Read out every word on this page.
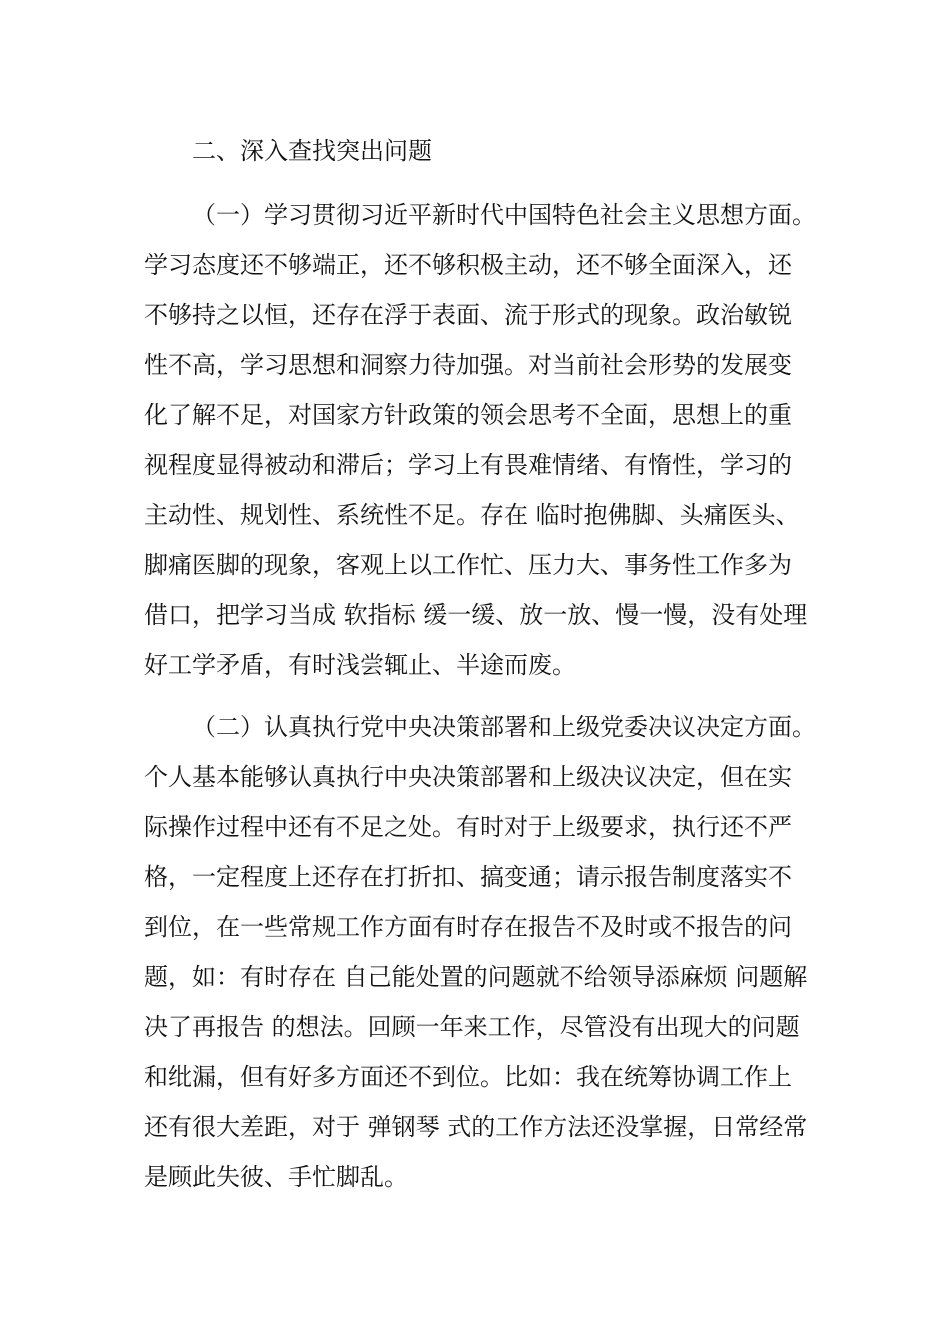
二、深入查找突出问题
（一）学习贯彻习近平新时代中国特色社会主义思想方面。
学习态度还不够端正，还不够积极主动，还不够全面深入，还
不够持之以恒，还存在浮于表面、流于形式的现象。政治敏锐
性不高，学习思想和洞察力待加强。对当前社会形势的发展变
化了解不足，对国家方针政策的领会思考不全面，思想上的重
视程度显得被动和滞后；学习上有畏难情绪、有惰性，学习的
主动性、规划性、系统性不足。存在 临时抱佛脚、头痛医头、
脚痛医脚的现象，客观上以工作忙、压力大、事务性工作多为
借口，把学习当成 软指标 缓一缓、放一放、慢一慢，没有处理
好工学矛盾，有时浅尝辄止、半途而废。
（二）认真执行党中央决策部署和上级党委决议决定方面。
个人基本能够认真执行中央决策部署和上级决议决定，但在实
际操作过程中还有不足之处。有时对于上级要求，执行还不严
格，一定程度上还存在打折扣、搞变通；请示报告制度落实不
到位，在一些常规工作方面有时存在报告不及时或不报告的问
题，如：有时存在 自己能处置的问题就不给领导添麻烦 问题解
决了再报告 的想法。回顾一年来工作，尽管没有出现大的问题
和纰漏，但有好多方面还不到位。比如：我在统筹协调工作上
还有很大差距，对于 弹钢琴 式的工作方法还没掌握，日常经常
是顾此失彼、手忙脚乱。
